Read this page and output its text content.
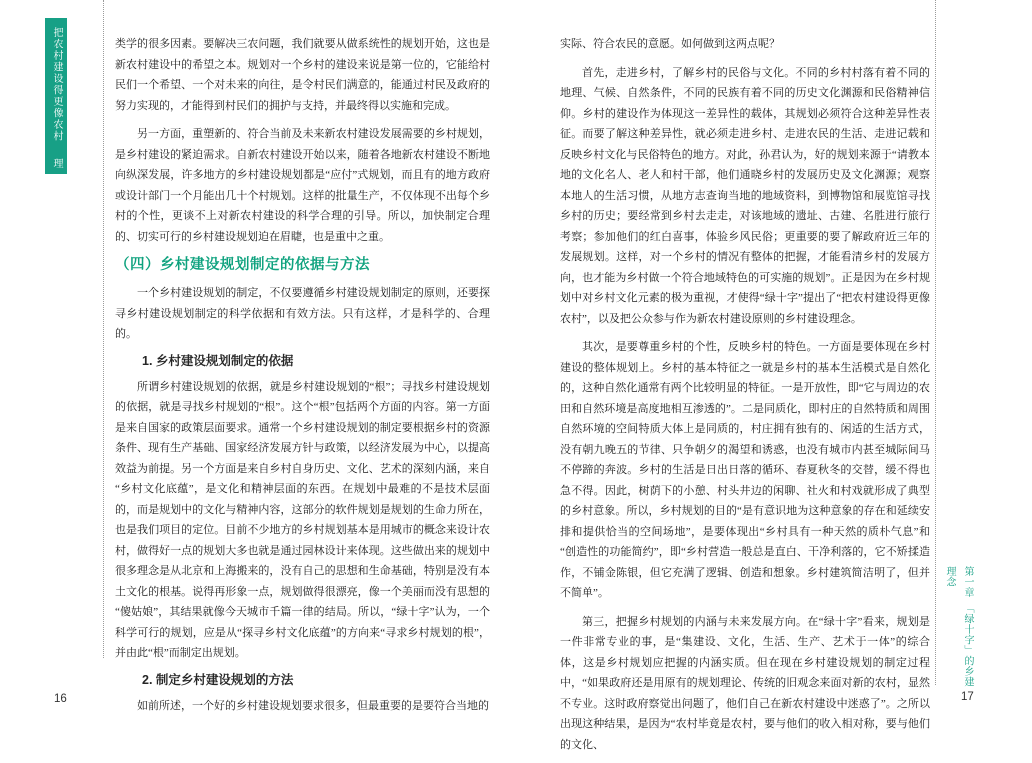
把农村建设得更像农村 理论篇	类学的很多因素。要解决三农问题，我们就要从做系统性的规划开始，这也是新农村建设中的希望之本。规划对一个乡村的建设来说是第一位的，它能给村民们一个希望、一个对未来的向往，是令村民们满意的，能通过村民及政府的努力实现的，才能得到村民们的拥护与支持，并最终得以实施和完成。

另一方面，重塑新的、符合当前及未来新农村建设发展需要的乡村规划，是乡村建设的紧迫需求。自新农村建设开始以来，随着各地新农村建设不断地向纵深发展，许多地方的乡村建设规划都是“应付”式规划，而且有的地方政府或设计部门一个月能出几十个村规划。这样的批量生产，不仅体现不出每个乡村的个性，更谈不上对新农村建设的科学合理的引导。所以，加快制定合理的、切实可行的乡村建设规划迫在眉睫，也是重中之重。

（四）乡村建设规划制定的依据与方法

一个乡村建设规划的制定，不仅要遵循乡村建设规划制定的原则，还要探寻乡村建设规划制定的科学依据和有效方法。只有这样，才是科学的、合理的。

1. 乡村建设规划制定的依据

所谓乡村建设规划的依据，就是乡村建设规划的“根”；寻找乡村建设规划的依据，就是寻找乡村规划的“根”。这个“根”包括两个方面的内容。第一方面是来自国家的政策层面要求。通常一个乡村建设规划的制定要根据乡村的资源条件、现有生产基础、国家经济发展方针与政策，以经济发展为中心，以提高效益为前提。另一个方面是来自乡村自身历史、文化、艺术的深刻内涵，来自“乡村文化底蕴”，是文化和精神层面的东西。在规划中最难的不是技术层面的，而是规划中的文化与精神内容，这部分的软件规划是规划的生命力所在，也是我们项目的定位。目前不少地方的乡村规划基本是用城市的概念来设计农村，做得好一点的规划大多也就是通过园林设计来体现。这些做出来的规划中很多理念是从北京和上海搬来的，没有自己的思想和生命基础，特别是没有本土文化的根基。说得再形象一点，规划做得很漂亮，像一个美丽而没有思想的“傻姑娘”，其结果就像今天城市千篇一律的结局。所以，“绿十字”认为，一个科学可行的规划，应是从“探寻乡村文化底蕴”的方向来“寻求乡村规划的根”，并由此“根”而制定出规划。

2. 制定乡村建设规划的方法

如前所述，一个好的乡村建设规划要求很多，但最重要的是要符合当地的

实际、符合农民的意愿。如何做到这两点呢？

首先，走进乡村，了解乡村的民俗与文化。不同的乡村村落有着不同的地理、气候、自然条件，不同的民族有着不同的历史文化渊源和民俗精神信仰。乡村的建设作为体现这一差异性的载体，其规划必须符合这种差异性表征。而要了解这种差异性，就必须走进乡村、走进农民的生活、走进记载和反映乡村文化与民俗特色的地方。对此，孙君认为，好的规划来源于“请教本地的文化名人、老人和村干部，他们通晓乡村的发展历史及文化渊源；观察本地人的生活习惯，从地方志查询当地的地域资料，到博物馆和展览馆寻找乡村的历史；要经常到乡村去走走，对该地域的遗址、古建、名胜进行旅行考察；参加他们的红白喜事，体验乡风民俗；更重要的要了解政府近三年的发展规划。这样，对一个乡村的情况有整体的把握，才能看清乡村的发展方向，也才能为乡村做一个符合地域特色的可实施的规划”。正是因为在乡村规划中对乡村文化元素的极为重视，才使得“绿十字”提出了“把农村建设得更像农村”，以及把公众参与作为新农村建设原则的乡村建设理念。

其次，是要尊重乡村的个性，反映乡村的特色。一方面是要体现在乡村建设的整体规划上。乡村的基本特征之一就是乡村的基本生活模式是自然化的，这种自然化通常有两个比较明显的特征。一是开放性，即“它与周边的农田和自然环境是高度地相互渗透的”。二是同质化，即村庄的自然特质和周围自然环境的空间特质大体上是同质的，村庄拥有独有的、闲适的生活方式，没有朝九晚五的节律、只争朝夕的渴望和诱惑，也没有城市内甚至城际间马不停蹄的奔波。乡村的生活是日出日落的循环、春夏秋冬的交替，缓不得也急不得。因此，树荫下的小憩、村头井边的闲聊、社火和村戏就形成了典型的乡村意象。所以，乡村规划的目的“是有意识地为这种意象的存在和延续安排和提供恰当的空间场地”，是要体现出“乡村具有一种天然的质朴气息”和“创造性的功能简约”，即“乡村营造一般总是直白、干净利落的，它不矫揉造作，不铺金陈银，但它充满了逻辑、创造和想象。乡村建筑简洁明了，但并不简单”。

第三，把握乡村规划的内涵与未来发展方向。在“绿十字”看来，规划是一件非常专业的事，是“集建设、文化，生活、生产、艺术于一体”的综合体，这是乡村规划应把握的内涵实质。但在现在乡村建设规划的制定过程中，“如果政府还是用原有的规划理论、传统的旧观念来面对新的农村，显然不专业。这时政府察觉出问题了，他们自己在新农村建设中迷惑了”。之所以出现这种结果，是因为“农村毕竟是农村，要与他们的收入相对称，要与他们的文化、

第一章　「绿十字」的乡建理念
16	17
